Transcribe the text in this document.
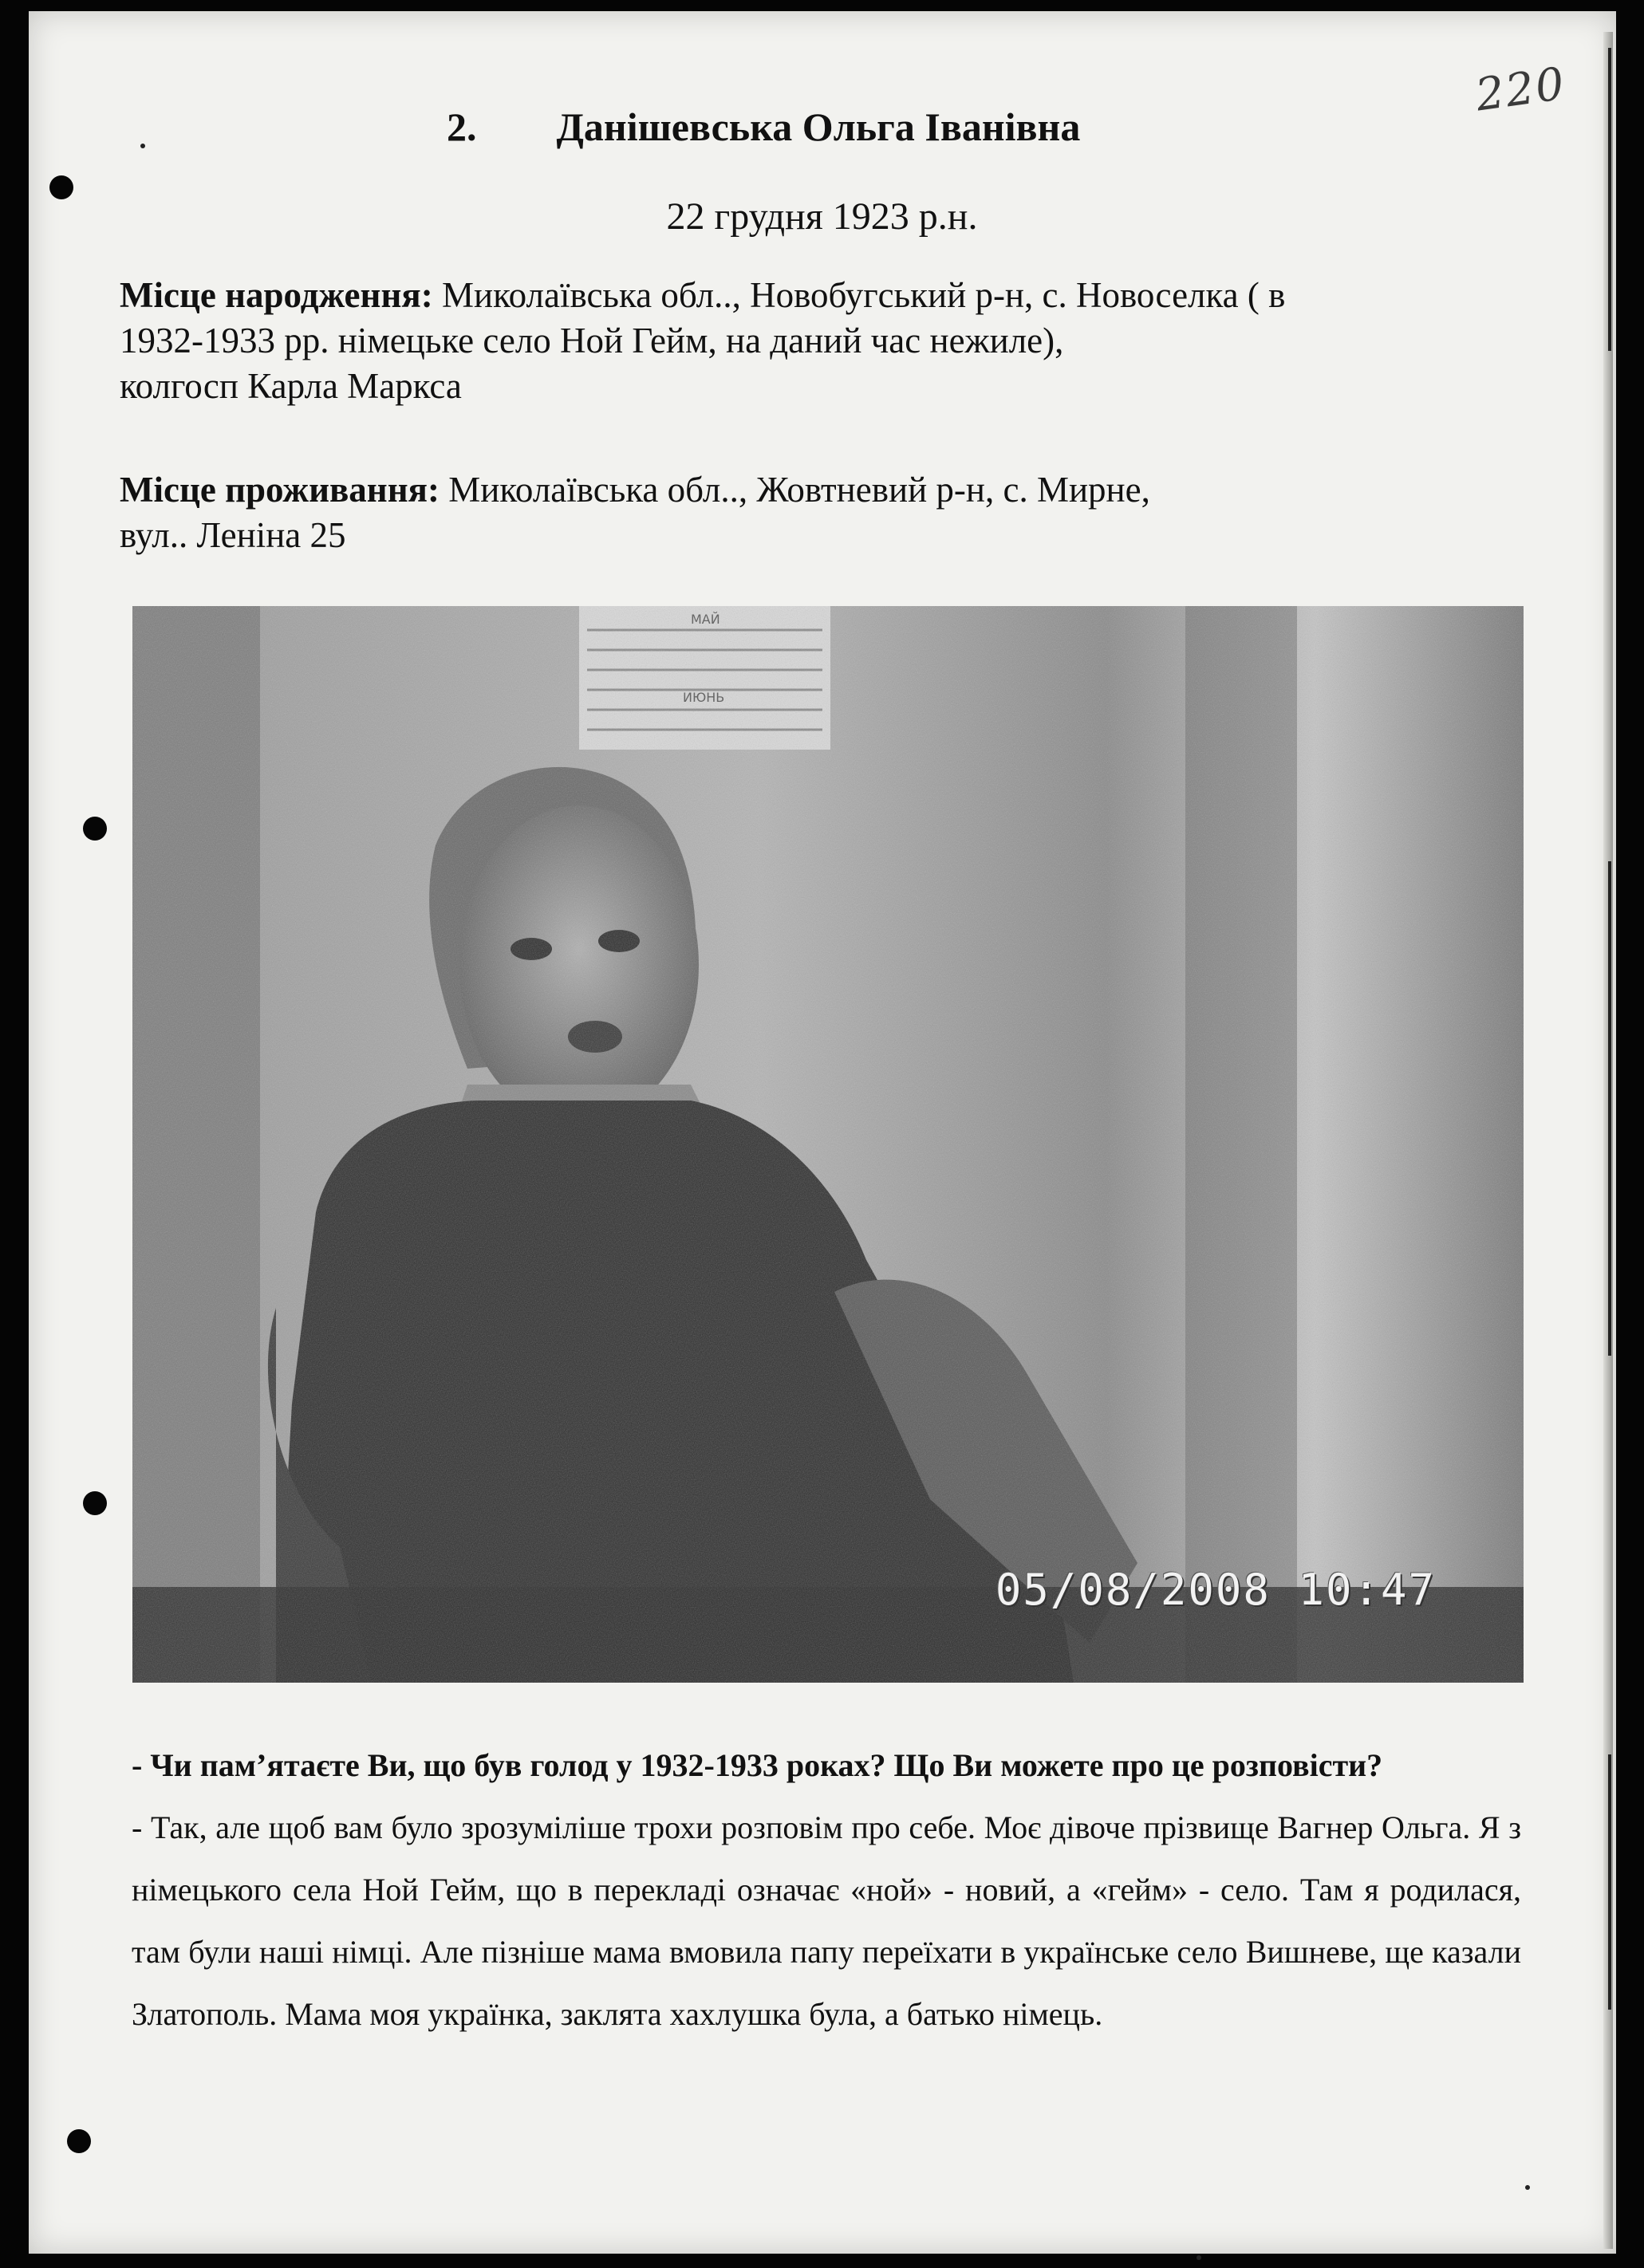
220
2. Данішевська Ольга Іванівна
22 грудня 1923 р.н.
Місце народження: Миколаївська обл.., Новобугський р-н, с. Новоселка ( в
1932-1933 рр. німецьке село Ной Гейм, на даний час нежиле),
колгосп Карла Маркса
Місце проживання: Миколаївська обл.., Жовтневий р-н, с. Мирне,
вул.. Леніна 25
05/08/2008 10:47

- Чи пам’ятаєте Ви, що був голод у 1932-1933 роках? Що Ви можете про це розповісти?

- Так, але щоб вам було зрозуміліше трохи розповім про себе. Моє дівоче прізвище Вагнер Ольга. Я з німецького села Ной Гейм, що в перекладі означає «ной» - новий, а «гейм» - село. Там я родилася, там були наші німці. Але пізніше мама вмовила папу переїхати в українське село Вишневе, ще казали Златополь. Мама моя українка, заклята хахлушка була, а батько німець.
